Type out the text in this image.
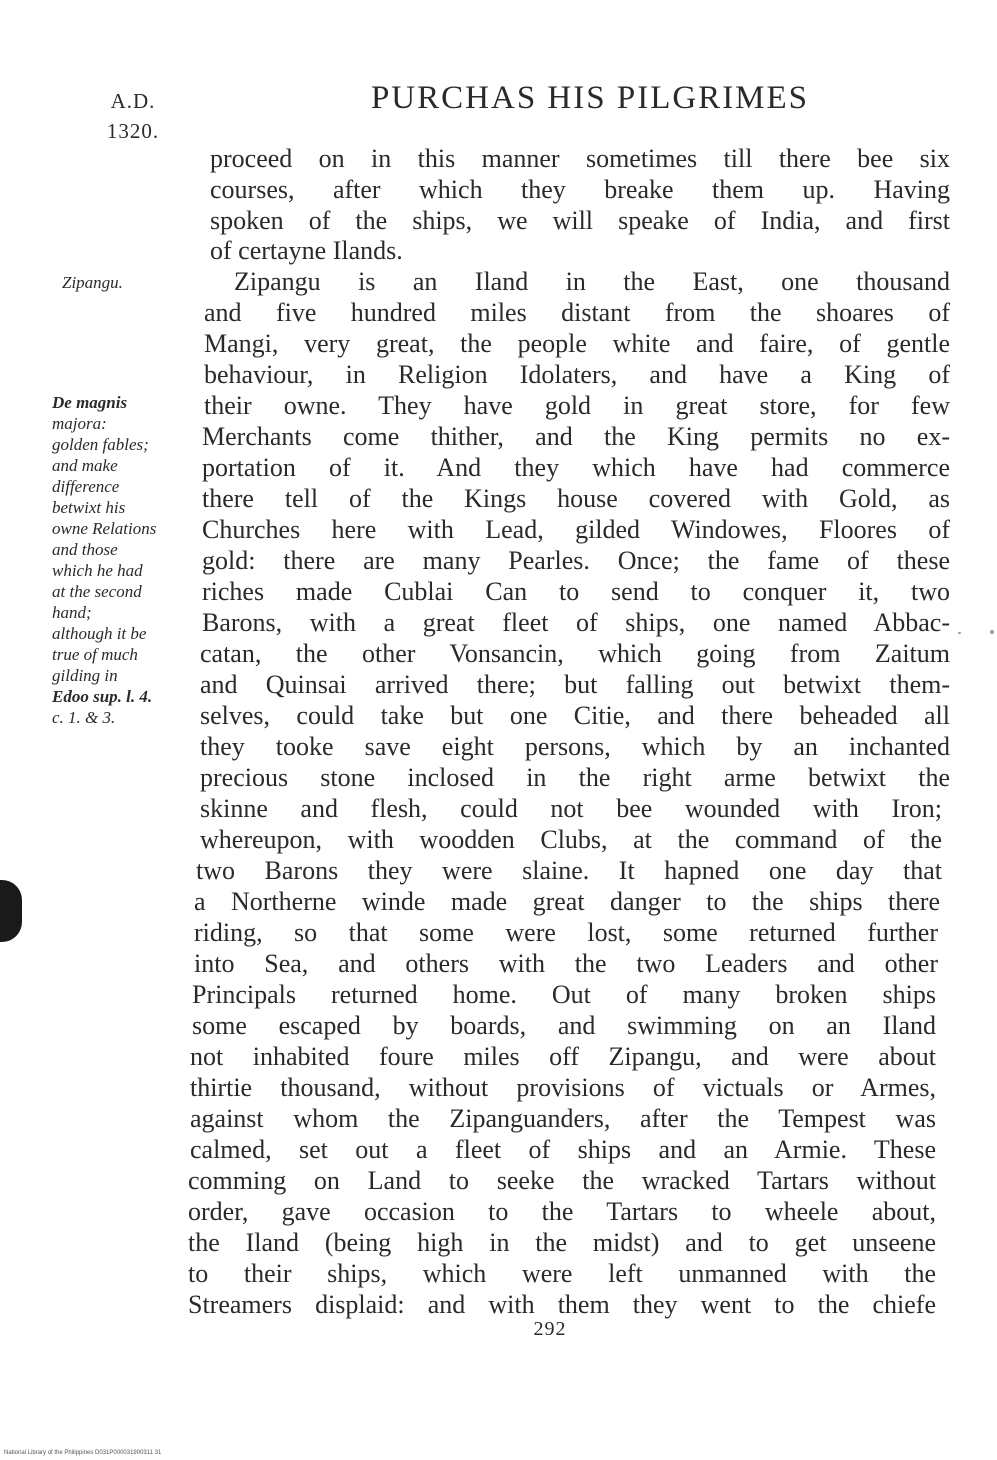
A.D.
1320.
PURCHAS HIS PILGRIMES
Zipangu.
De magnis
majora:
golden fables;
and make
difference
betwixt his
owne Relations
and those
which he had
at the second
hand;
although it be
true of much
gilding in
Edoo sup. l. 4.
c. 1. & 3.
proceed on in this manner sometimes till there bee six
courses, after which they breake them up. Having
spoken of the ships, we will speake of India, and first
of certayne Ilands.
Zipangu is an Iland in the East, one thousand
and five hundred miles distant from the shoares of
Mangi, very great, the people white and faire, of gentle
behaviour, in Religion Idolaters, and have a King of
their owne. They have gold in great store, for few
Merchants come thither, and the King permits no ex-
portation of it. And they which have had commerce
there tell of the Kings house covered with Gold, as
Churches here with Lead, gilded Windowes, Floores of
gold: there are many Pearles. Once; the fame of these
riches made Cublai Can to send to conquer it, two
Barons, with a great fleet of ships, one named Abbac-
catan, the other Vonsancin, which going from Zaitum
and Quinsai arrived there; but falling out betwixt them-
selves, could take but one Citie, and there beheaded all
they tooke save eight persons, which by an inchanted
precious stone inclosed in the right arme betwixt the
skinne and flesh, could not bee wounded with Iron;
whereupon, with woodden Clubs, at the command of the
two Barons they were slaine. It hapned one day that
a Northerne winde made great danger to the ships there
riding, so that some were lost, some returned further
into Sea, and others with the two Leaders and other
Principals returned home. Out of many broken ships
some escaped by boards, and swimming on an Iland
not inhabited foure miles off Zipangu, and were about
thirtie thousand, without provisions of victuals or Armes,
against whom the Zipanguanders, after the Tempest was
calmed, set out a fleet of ships and an Armie. These
comming on Land to seeke the wracked Tartars without
order, gave occasion to the Tartars to wheele about,
the Iland (being high in the midst) and to get unseene
to their ships, which were left unmanned with the
Streamers displaid: and with them they went to the chiefe
292
National Library of the Philippines D031P000031900311 31
